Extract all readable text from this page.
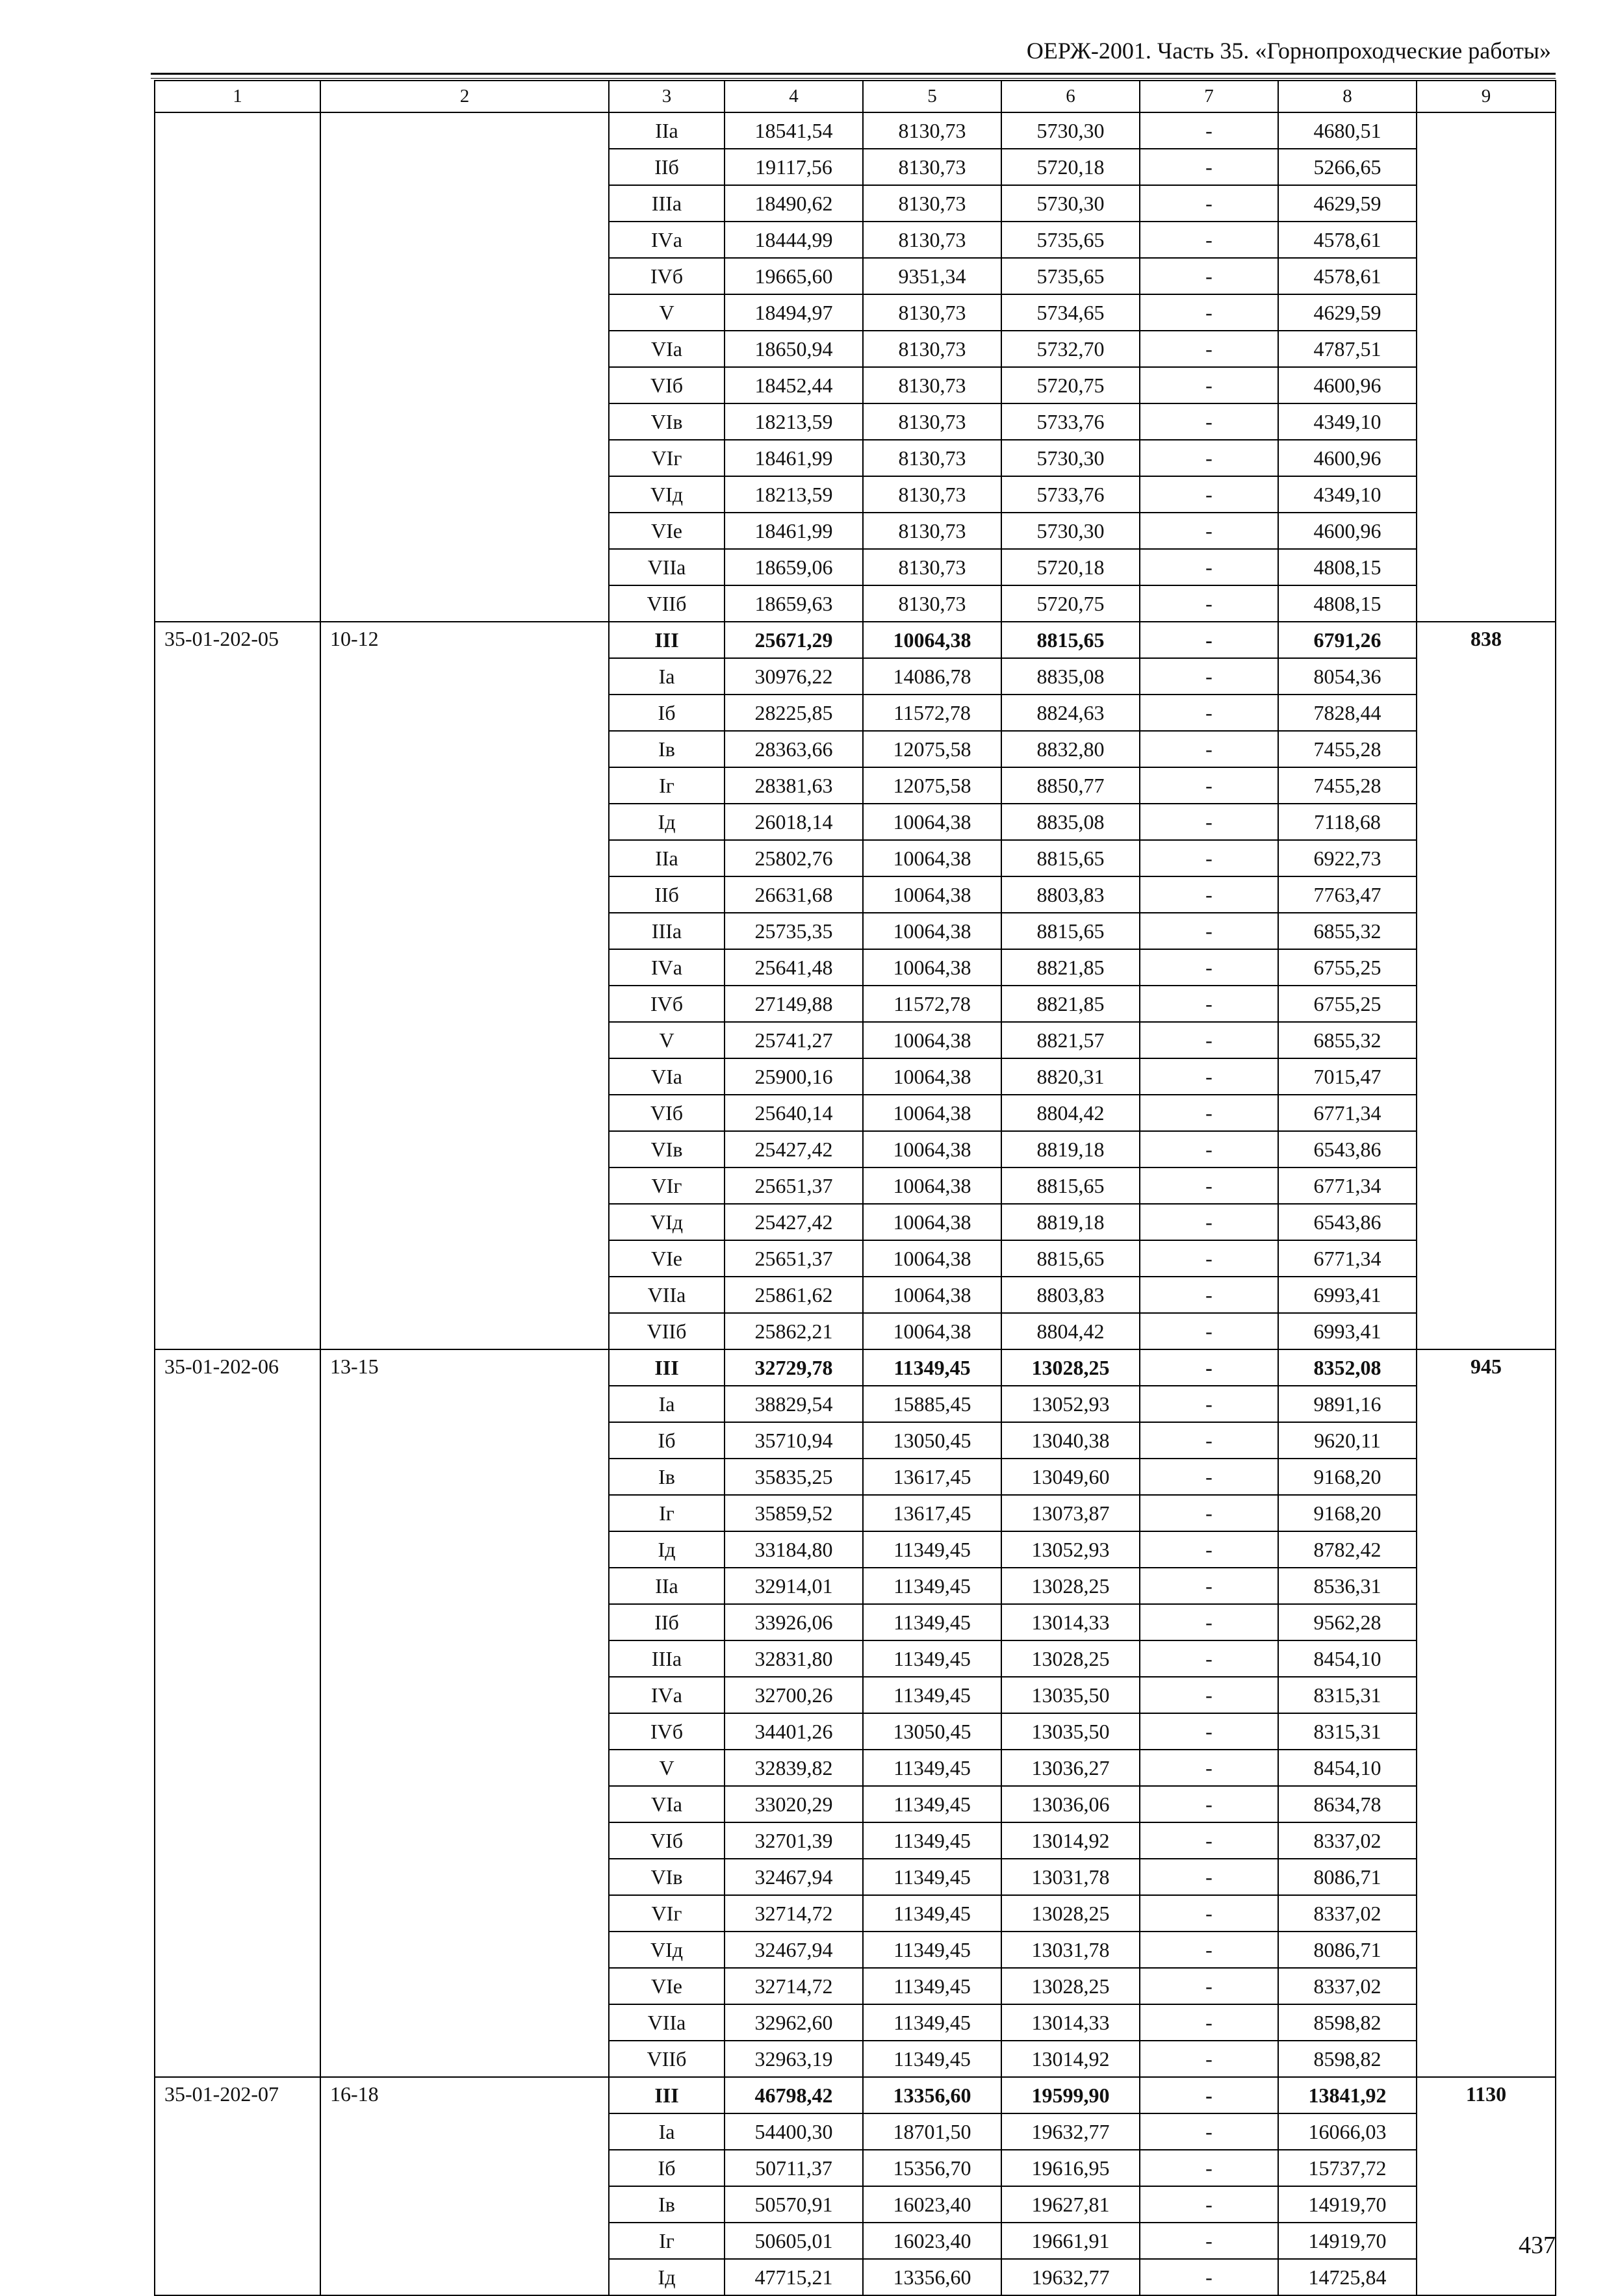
ОЕРЖ-2001. Часть 35. «Горнопроходческие работы»
1	2	3	4	5	6	7	8	9
		IIа	18541,54	8130,73	5730,30	-	4680,51	
		IIб	19117,56	8130,73	5720,18	-	5266,65	
		IIIа	18490,62	8130,73	5730,30	-	4629,59	
		IVа	18444,99	8130,73	5735,65	-	4578,61	
		IVб	19665,60	9351,34	5735,65	-	4578,61	
		V	18494,97	8130,73	5734,65	-	4629,59	
		VIа	18650,94	8130,73	5732,70	-	4787,51	
		VIб	18452,44	8130,73	5720,75	-	4600,96	
		VIв	18213,59	8130,73	5733,76	-	4349,10	
		VIг	18461,99	8130,73	5730,30	-	4600,96	
		VIд	18213,59	8130,73	5733,76	-	4349,10	
		VIе	18461,99	8130,73	5730,30	-	4600,96	
		VIIа	18659,06	8130,73	5720,18	-	4808,15	
		VIIб	18659,63	8130,73	5720,75	-	4808,15	
35-01-202-05	10-12	III	25671,29	10064,38	8815,65	-	6791,26	838
		Iа	30976,22	14086,78	8835,08	-	8054,36	
		Iб	28225,85	11572,78	8824,63	-	7828,44	
		Iв	28363,66	12075,58	8832,80	-	7455,28	
		Iг	28381,63	12075,58	8850,77	-	7455,28	
		Iд	26018,14	10064,38	8835,08	-	7118,68	
		IIа	25802,76	10064,38	8815,65	-	6922,73	
		IIб	26631,68	10064,38	8803,83	-	7763,47	
		IIIа	25735,35	10064,38	8815,65	-	6855,32	
		IVа	25641,48	10064,38	8821,85	-	6755,25	
		IVб	27149,88	11572,78	8821,85	-	6755,25	
		V	25741,27	10064,38	8821,57	-	6855,32	
		VIа	25900,16	10064,38	8820,31	-	7015,47	
		VIб	25640,14	10064,38	8804,42	-	6771,34	
		VIв	25427,42	10064,38	8819,18	-	6543,86	
		VIг	25651,37	10064,38	8815,65	-	6771,34	
		VIд	25427,42	10064,38	8819,18	-	6543,86	
		VIе	25651,37	10064,38	8815,65	-	6771,34	
		VIIа	25861,62	10064,38	8803,83	-	6993,41	
		VIIб	25862,21	10064,38	8804,42	-	6993,41	
35-01-202-06	13-15	III	32729,78	11349,45	13028,25	-	8352,08	945
		Iа	38829,54	15885,45	13052,93	-	9891,16	
		Iб	35710,94	13050,45	13040,38	-	9620,11	
		Iв	35835,25	13617,45	13049,60	-	9168,20	
		Iг	35859,52	13617,45	13073,87	-	9168,20	
		Iд	33184,80	11349,45	13052,93	-	8782,42	
		IIа	32914,01	11349,45	13028,25	-	8536,31	
		IIб	33926,06	11349,45	13014,33	-	9562,28	
		IIIа	32831,80	11349,45	13028,25	-	8454,10	
		IVа	32700,26	11349,45	13035,50	-	8315,31	
		IVб	34401,26	13050,45	13035,50	-	8315,31	
		V	32839,82	11349,45	13036,27	-	8454,10	
		VIа	33020,29	11349,45	13036,06	-	8634,78	
		VIб	32701,39	11349,45	13014,92	-	8337,02	
		VIв	32467,94	11349,45	13031,78	-	8086,71	
		VIг	32714,72	11349,45	13028,25	-	8337,02	
		VIд	32467,94	11349,45	13031,78	-	8086,71	
		VIе	32714,72	11349,45	13028,25	-	8337,02	
		VIIа	32962,60	11349,45	13014,33	-	8598,82	
		VIIб	32963,19	11349,45	13014,92	-	8598,82	
35-01-202-07	16-18	III	46798,42	13356,60	19599,90	-	13841,92	1130
		Iа	54400,30	18701,50	19632,77	-	16066,03	
		Iб	50711,37	15356,70	19616,95	-	15737,72	
		Iв	50570,91	16023,40	19627,81	-	14919,70	
		Iг	50605,01	16023,40	19661,91	-	14919,70	
		Iд	47715,21	13356,60	19632,77	-	14725,84	
437
